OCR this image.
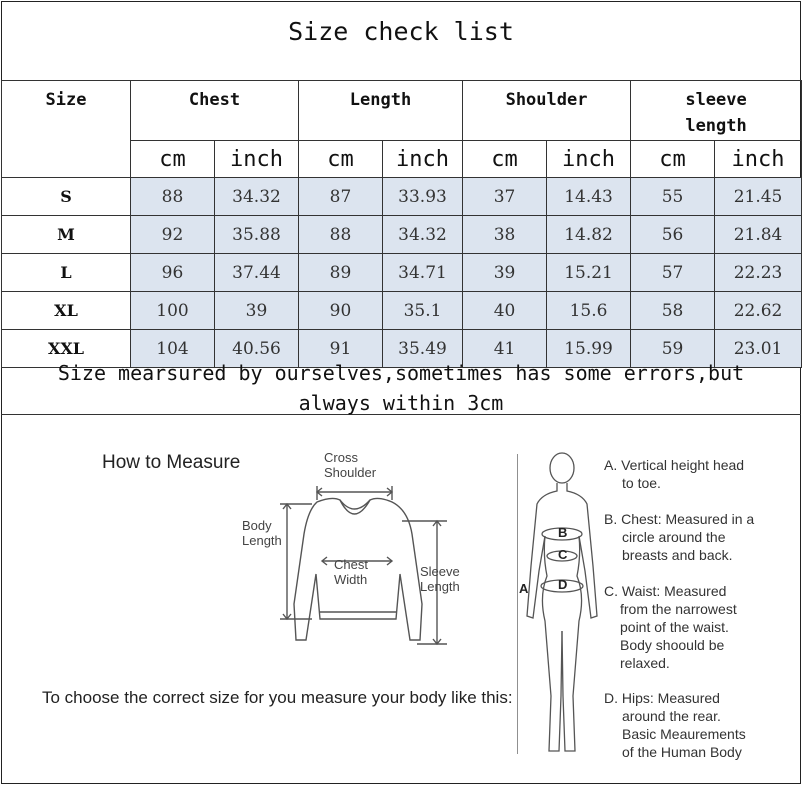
Size check list
Size	Chest		Length		Shoulder		sleeve
length	
	cm	inch	cm	inch	cm	inch	cm	inch
S	88	34.32	87	33.93	37	14.43	55	21.45
M	92	35.88	88	34.32	38	14.82	56	21.84
L	96	37.44	89	34.71	39	15.21	57	22.23
XL	100	39	90	35.1	40	15.6	58	22.62
XXL	104	40.56	91	35.49	41	15.99	59	23.01
Size mearsured by ourselves,sometimes has some errors,but
always within 3cm
How to Measure	Cross
Shoulder
Body
Length
Chest
Width
Sleeve
Length
To choose the correct size for you measure your body like this:
A
B
C
D
A. Vertical height head
to toe.
B. Chest: Measured in a
circle around the
breasts and back.
C. Waist: Measured
from the narrowest
point of the waist.
Body shoould be
relaxed.
D. Hips: Measured
around the rear.
Basic Meaurements
of the Human Body
